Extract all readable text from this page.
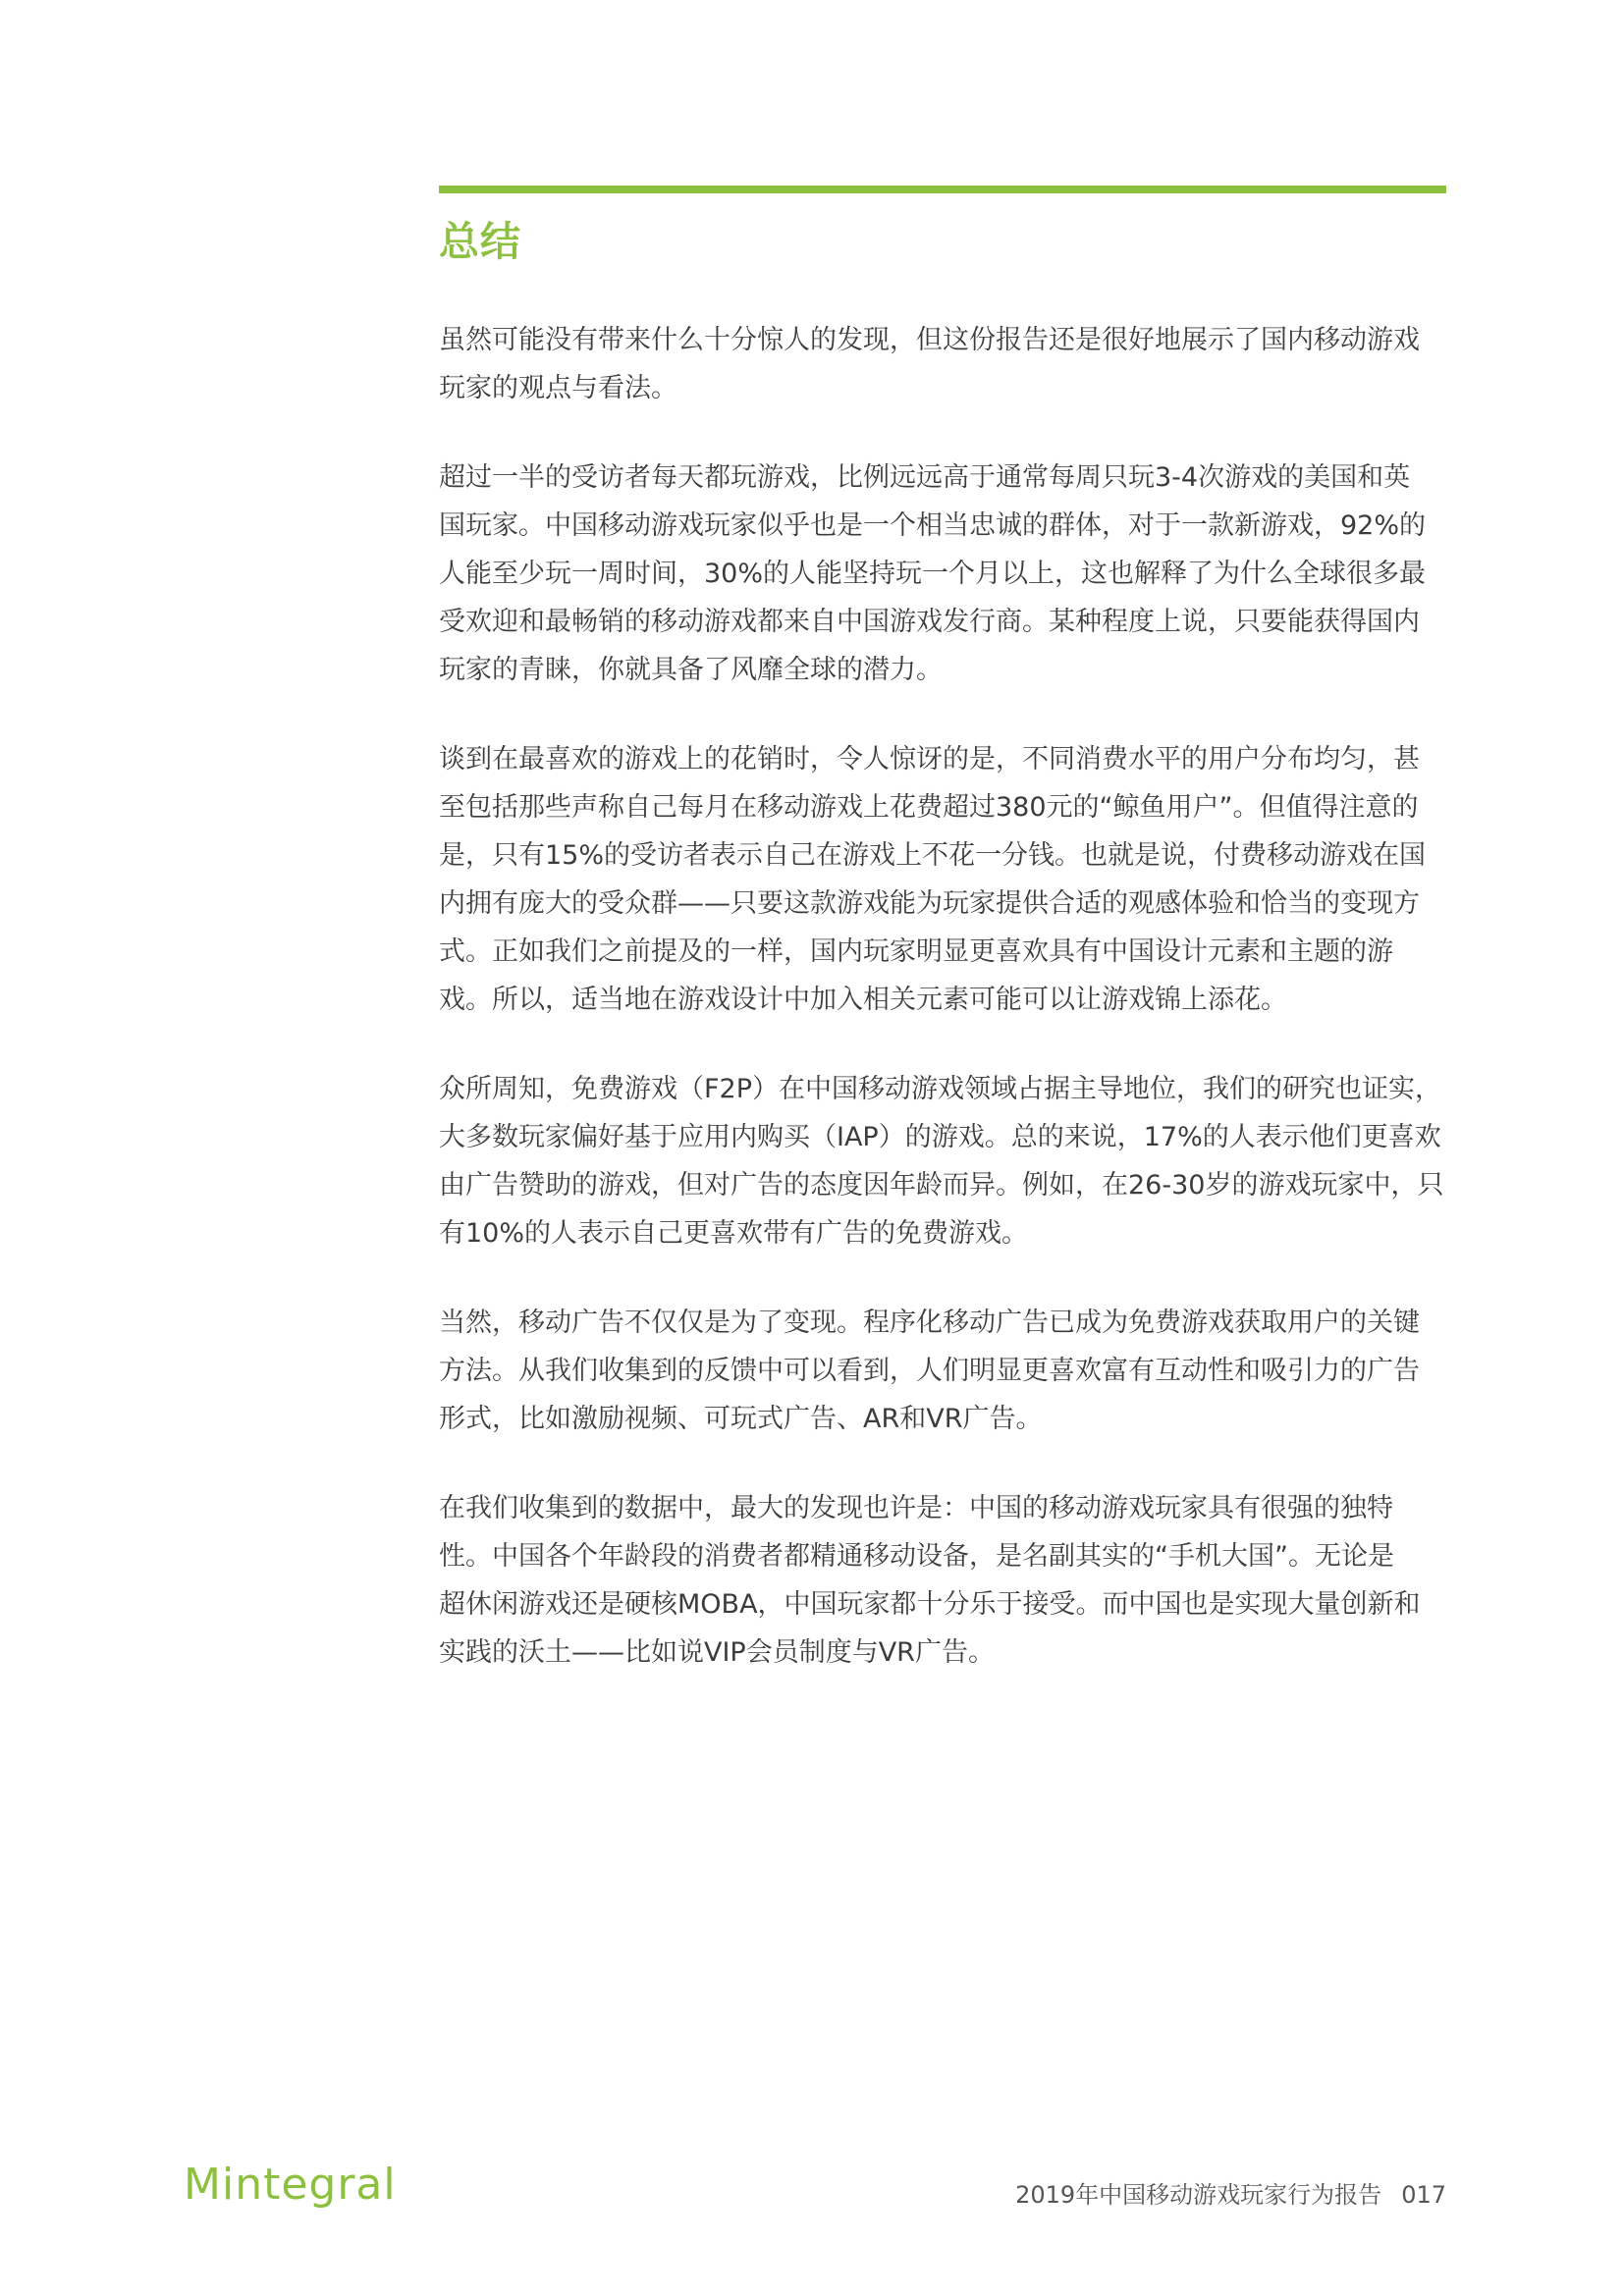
总结

虽然可能没有带来什么十分惊人的发现，但这份报告还是很好地展示了国内移动游戏
玩家的观点与看法。

超过一半的受访者每天都玩游戏，比例远远高于通常每周只玩3-4次游戏的美国和英
国玩家。中国移动游戏玩家似乎也是一个相当忠诚的群体，对于一款新游戏，92%的
人能至少玩一周时间，30%的人能坚持玩一个月以上，这也解释了为什么全球很多最
受欢迎和最畅销的移动游戏都来自中国游戏发行商。某种程度上说，只要能获得国内
玩家的青睐，你就具备了风靡全球的潜力。

谈到在最喜欢的游戏上的花销时，令人惊讶的是，不同消费水平的用户分布均匀，甚
至包括那些声称自己每月在移动游戏上花费超过380元的“鲸鱼用户”。但值得注意的
是，只有15%的受访者表示自己在游戏上不花一分钱。也就是说，付费移动游戏在国
内拥有庞大的受众群——只要这款游戏能为玩家提供合适的观感体验和恰当的变现方
式。正如我们之前提及的一样，国内玩家明显更喜欢具有中国设计元素和主题的游
戏。所以，适当地在游戏设计中加入相关元素可能可以让游戏锦上添花。

众所周知，免费游戏（F2P）在中国移动游戏领域占据主导地位，我们的研究也证实，
大多数玩家偏好基于应用内购买（IAP）的游戏。总的来说，17%的人表示他们更喜欢
由广告赞助的游戏，但对广告的态度因年龄而异。例如，在26-30岁的游戏玩家中，只
有10%的人表示自己更喜欢带有广告的免费游戏。

当然，移动广告不仅仅是为了变现。程序化移动广告已成为免费游戏获取用户的关键
方法。从我们收集到的反馈中可以看到，人们明显更喜欢富有互动性和吸引力的广告
形式，比如激励视频、可玩式广告、AR和VR广告。

在我们收集到的数据中，最大的发现也许是：中国的移动游戏玩家具有很强的独特
性。中国各个年龄段的消费者都精通移动设备，是名副其实的“手机大国”。无论是
超休闲游戏还是硬核MOBA，中国玩家都十分乐于接受。而中国也是实现大量创新和
实践的沃土——比如说VIP会员制度与VR广告。

Mintegral	2019年中国移动游戏玩家行为报告 017
